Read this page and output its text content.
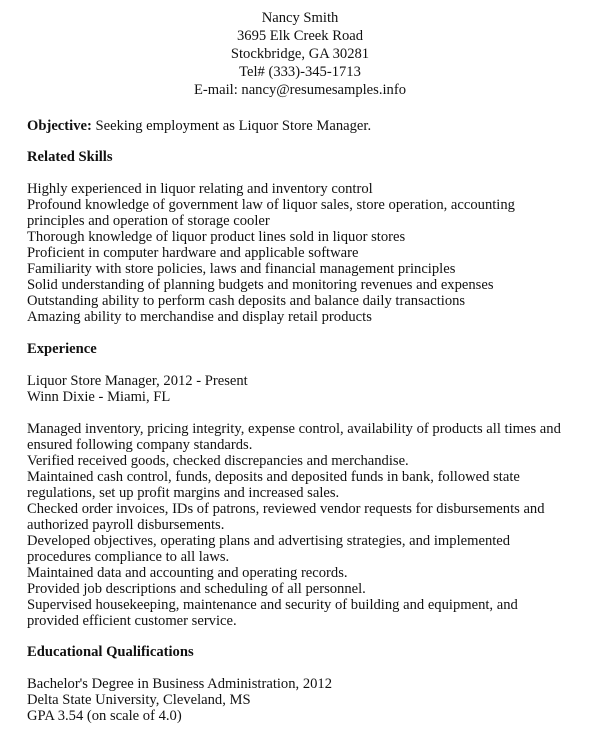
Nancy Smith
3695 Elk Creek Road
Stockbridge, GA 30281
Tel# (333)-345-1713
E-mail: nancy@resumesamples.info
Objective: Seeking employment as Liquor Store Manager.
Related Skills
Highly experienced in liquor relating and inventory control
Profound knowledge of government law of liquor sales, store operation, accounting
principles and operation of storage cooler
Thorough knowledge of liquor product lines sold in liquor stores
Proficient in computer hardware and applicable software
Familiarity with store policies, laws and financial management principles
Solid understanding of planning budgets and monitoring revenues and expenses
Outstanding ability to perform cash deposits and balance daily transactions
Amazing ability to merchandise and display retail products
Experience
Liquor Store Manager, 2012 - Present
Winn Dixie - Miami, FL
Managed inventory, pricing integrity, expense control, availability of products all times and
ensured following company standards.
Verified received goods, checked discrepancies and merchandise.
Maintained cash control, funds, deposits and deposited funds in bank, followed state
regulations, set up profit margins and increased sales.
Checked order invoices, IDs of patrons, reviewed vendor requests for disbursements and
authorized payroll disbursements.
Developed objectives, operating plans and advertising strategies, and implemented
procedures compliance to all laws.
Maintained data and accounting and operating records.
Provided job descriptions and scheduling of all personnel.
Supervised housekeeping, maintenance and security of building and equipment, and
provided efficient customer service.
Educational Qualifications
Bachelor's Degree in Business Administration, 2012
Delta State University, Cleveland, MS
GPA 3.54 (on scale of 4.0)
